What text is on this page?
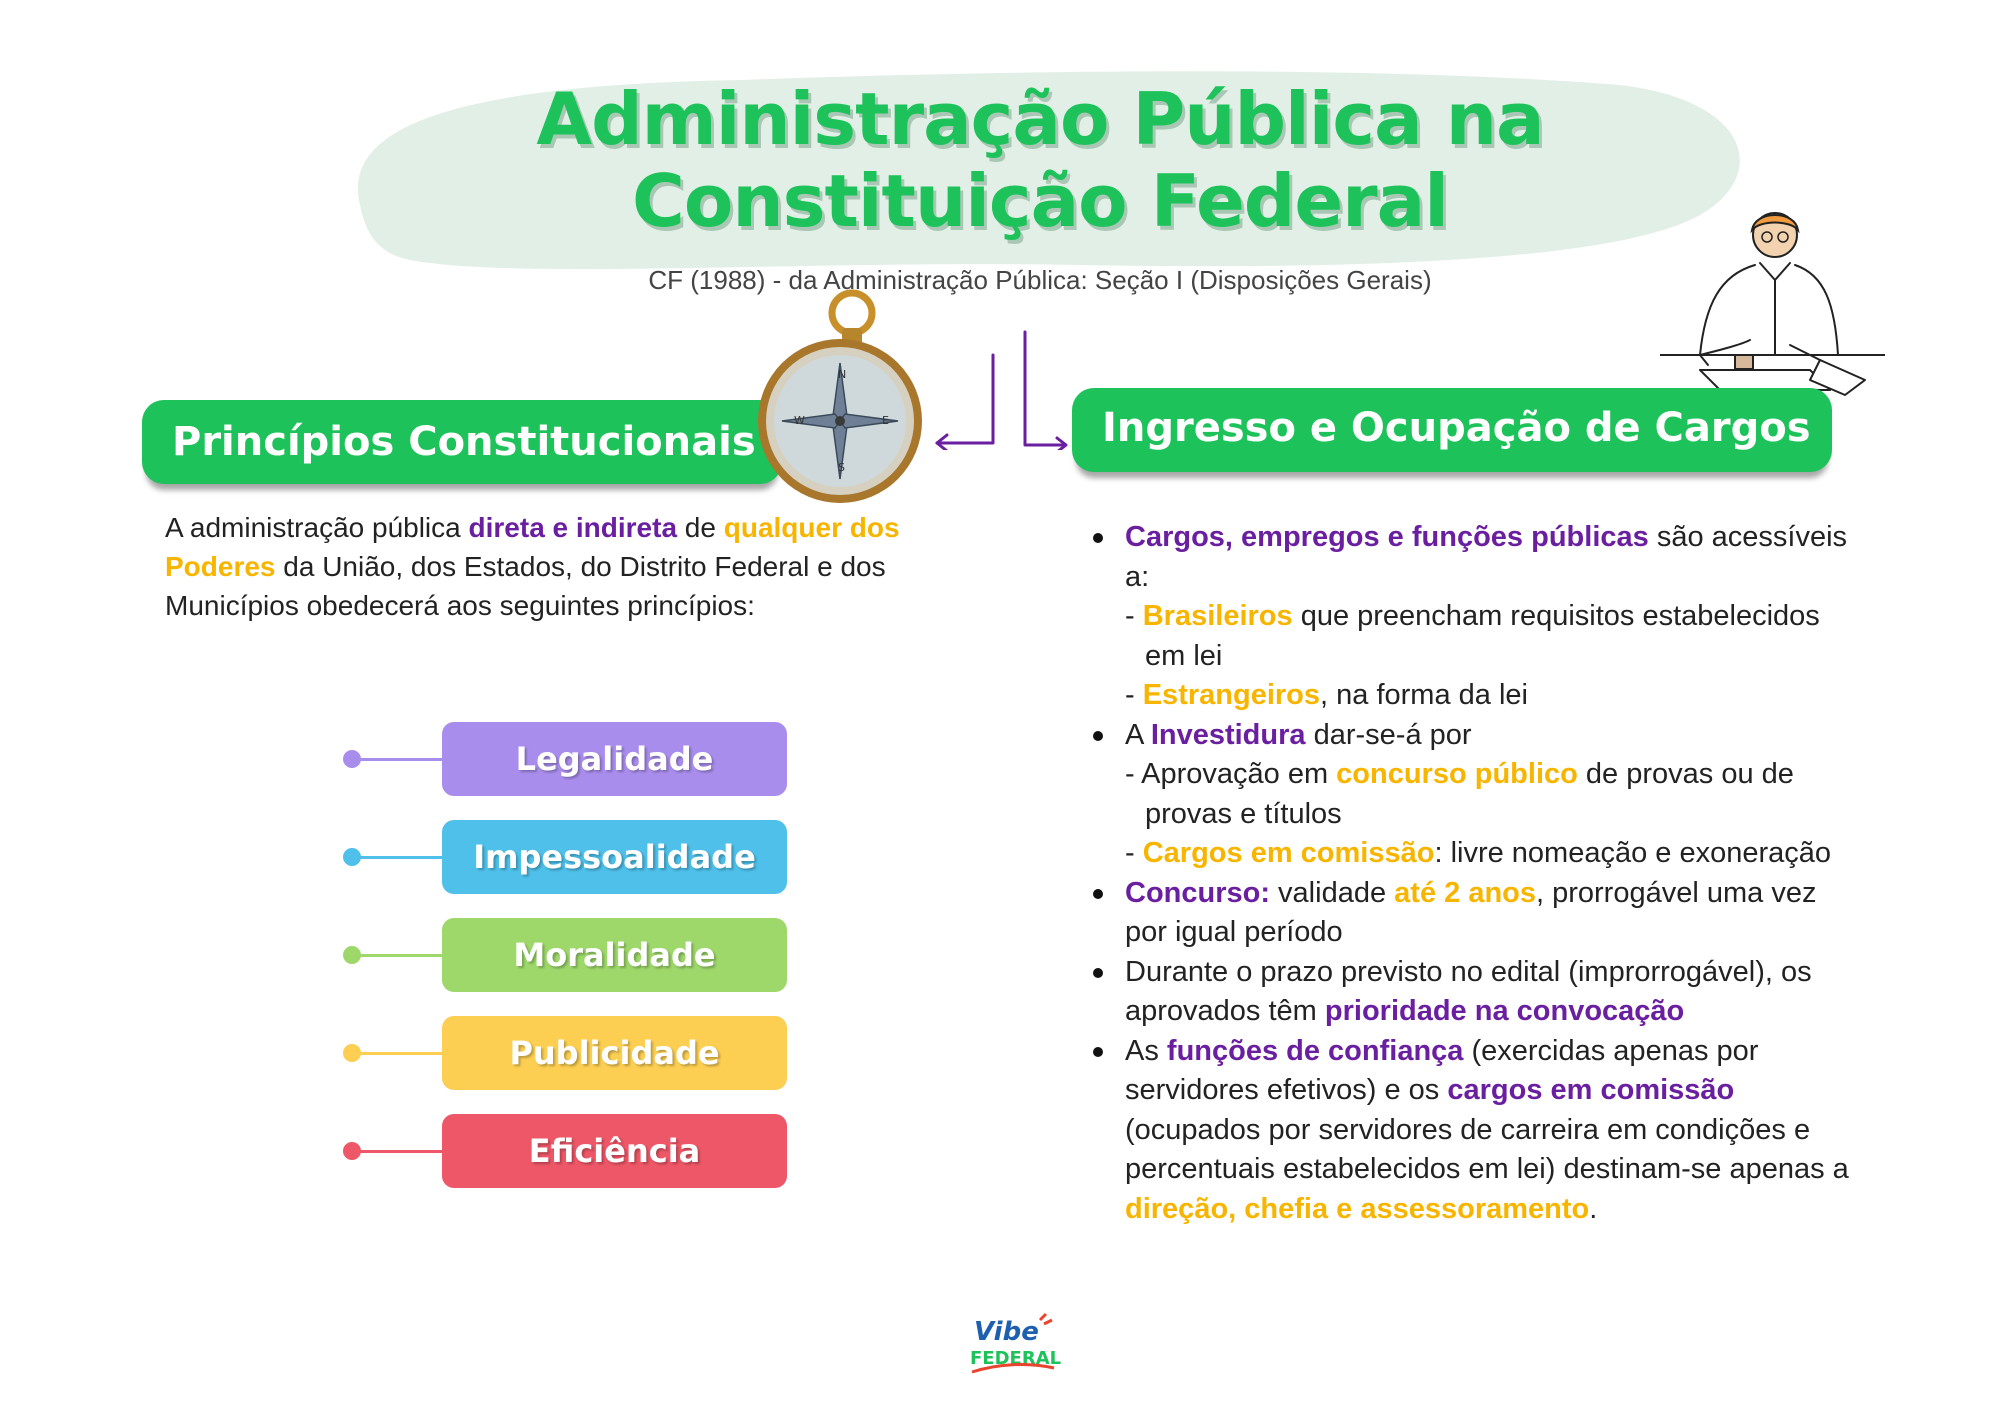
Administração Pública na
Constituição Federal
CF (1988) - da Administração Pública: Seção I (Disposições Gerais)
Princípios Constitucionais
N
E
W
S
A administração pública direta e indireta de qualquer dos Poderes da União, dos Estados, do Distrito Federal e dos Municípios obedecerá aos seguintes princípios:
Legalidade
Impessoalidade
Moralidade
Publicidade
Eficiência
Ingresso e Ocupação de Cargos
Cargos, empregos e funções públicas são acessíveis a:
- Brasileiros que preencham requisitos estabelecidos em lei
- Estrangeiros, na forma da lei
A Investidura dar-se-á por
- Aprovação em concurso público de provas ou de provas e títulos
- Cargos em comissão: livre nomeação e exoneração
Concurso: validade até 2 anos, prorrogável uma vez por igual período
Durante o prazo previsto no edital (improrrogável), os aprovados têm prioridade na convocação
As funções de confiança (exercidas apenas por servidores efetivos) e os cargos em comissão (ocupados por servidores de carreira em condições e percentuais estabelecidos em lei) destinam-se apenas a direção, chefia e assessoramento.
Vibe
FEDERAL
